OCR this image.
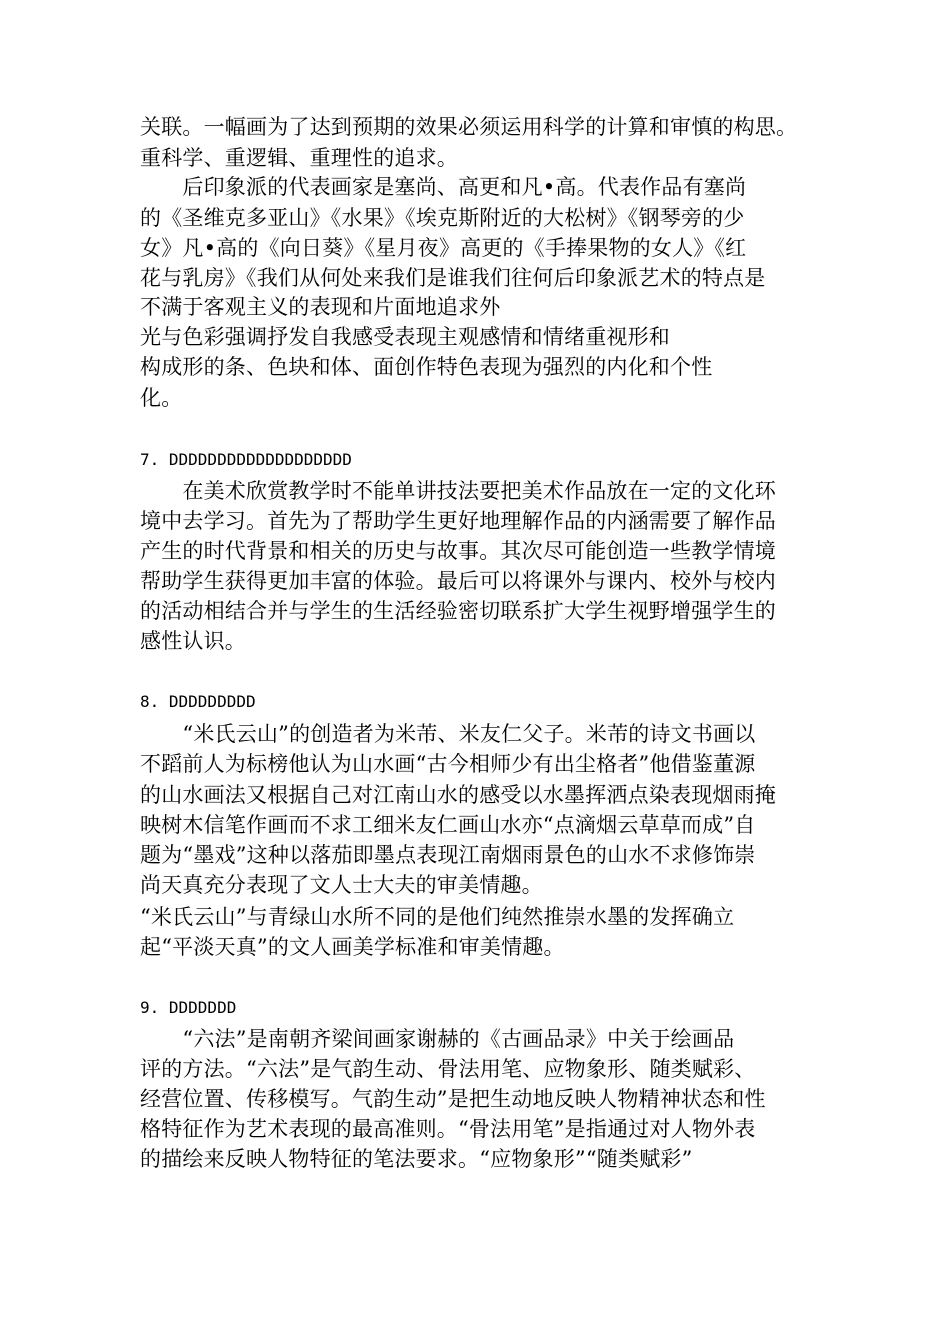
关联。一幅画为了达到预期的效果必须运用科学的计算和审慎的构思。
重科学、重逻辑、重理性的追求。
　　后印象派的代表画家是塞尚、高更和凡•高。代表作品有塞尚
的《圣维克多亚山》《水果》《埃克斯附近的大松树》《钢琴旁的少
女》凡•高的《向日葵》《星月夜》高更的《手捧果物的女人》《红
花与乳房》《我们从何处来我们是谁我们往何后印象派艺术的特点是
不满于客观主义的表现和片面地追求外
光与色彩强调抒发自我感受表现主观感情和情绪重视形和
构成形的条、色块和体、面创作特色表现为强烈的内化和个性
化。
7. DDDDDDDDDDDDDDDDDDD
　　在美术欣赏教学时不能单讲技法要把美术作品放在一定的文化环
境中去学习。首先为了帮助学生更好地理解作品的内涵需要了解作品
产生的时代背景和相关的历史与故事。其次尽可能创造一些教学情境
帮助学生获得更加丰富的体验。最后可以将课外与课内、校外与校内
的活动相结合并与学生的生活经验密切联系扩大学生视野增强学生的
感性认识。
8. DDDDDDDDD
　　“米氏云山”的创造者为米芾、米友仁父子。米芾的诗文书画以
不蹈前人为标榜他认为山水画“古今相师少有出尘格者”他借鉴董源
的山水画法又根据自己对江南山水的感受以水墨挥洒点染表现烟雨掩
映树木信笔作画而不求工细米友仁画山水亦“点滴烟云草草而成”自
题为“墨戏”这种以落茄即墨点表现江南烟雨景色的山水不求修饰崇
尚天真充分表现了文人士大夫的审美情趣。
“米氏云山”与青绿山水所不同的是他们纯然推崇水墨的发挥确立
起“平淡天真”的文人画美学标准和审美情趣。
9. DDDDDDD
　　“六法”是南朝齐梁间画家谢赫的《古画品录》中关于绘画品
评的方法。“六法”是气韵生动、骨法用笔、应物象形、随类赋彩、
经营位置、传移模写。气韵生动”是把生动地反映人物精神状态和性
格特征作为艺术表现的最高准则。“骨法用笔”是指通过对人物外表
的描绘来反映人物特征的笔法要求。“应物象形”“随类赋彩”
